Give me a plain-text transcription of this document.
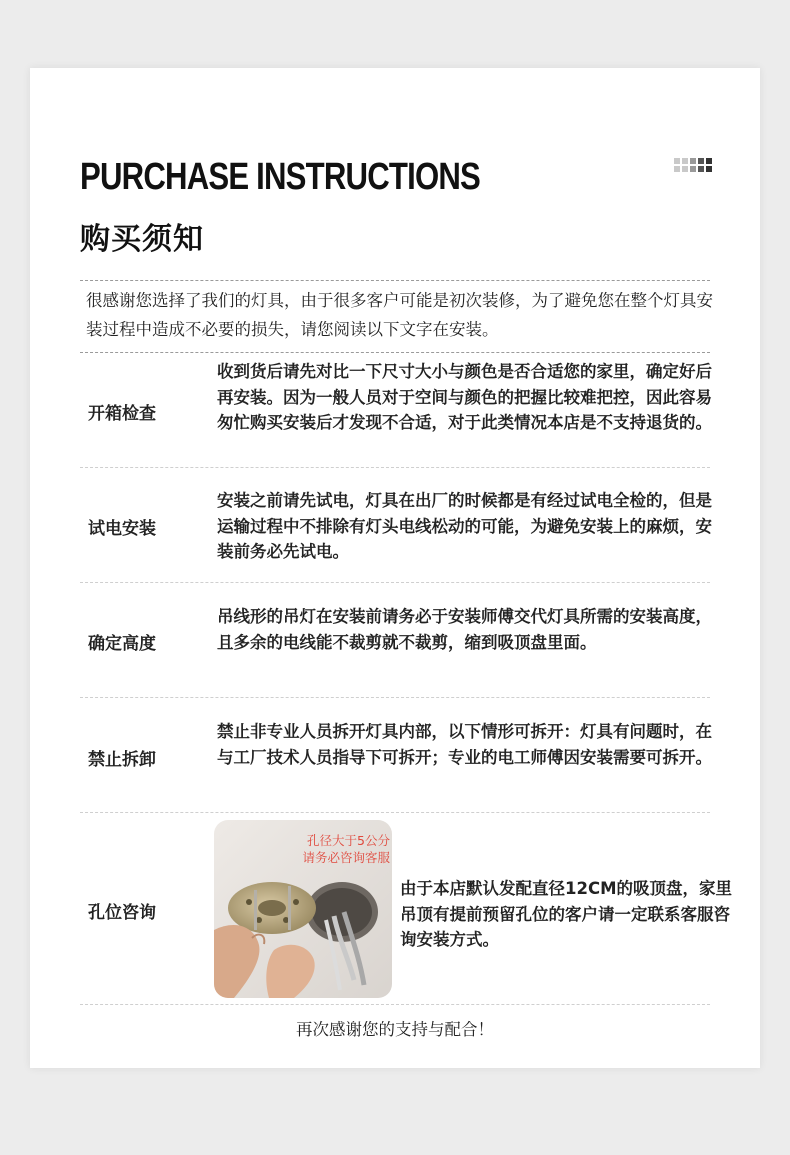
PURCHASE INSTRUCTIONS
购买须知
很感谢您选择了我们的灯具，由于很多客户可能是初次装修，为了避免您在整个灯具安装过程中造成不必要的损失，请您阅读以下文字在安装。
开箱检查
收到货后请先对比一下尺寸大小与颜色是否合适您的家里，确定好后再安装。因为一般人员对于空间与颜色的把握比较难把控，因此容易匆忙购买安装后才发现不合适，对于此类情况本店是不支持退货的。
试电安装
安装之前请先试电，灯具在出厂的时候都是有经过试电全检的，但是运输过程中不排除有灯头电线松动的可能，为避免安装上的麻烦，安装前务必先试电。
确定高度
吊线形的吊灯在安装前请务必于安装师傅交代灯具所需的安装高度，且多余的电线能不裁剪就不裁剪，缩到吸顶盘里面。
禁止拆卸
禁止非专业人员拆开灯具内部，以下情形可拆开：灯具有问题时，在与工厂技术人员指导下可拆开；专业的电工师傅因安装需要可拆开。
孔位咨询
孔径大于5公分
请务必咨询客服
由于本店默认发配直径12CM的吸顶盘，家里吊顶有提前预留孔位的客户请一定联系客服咨询安装方式。
再次感谢您的支持与配合！
